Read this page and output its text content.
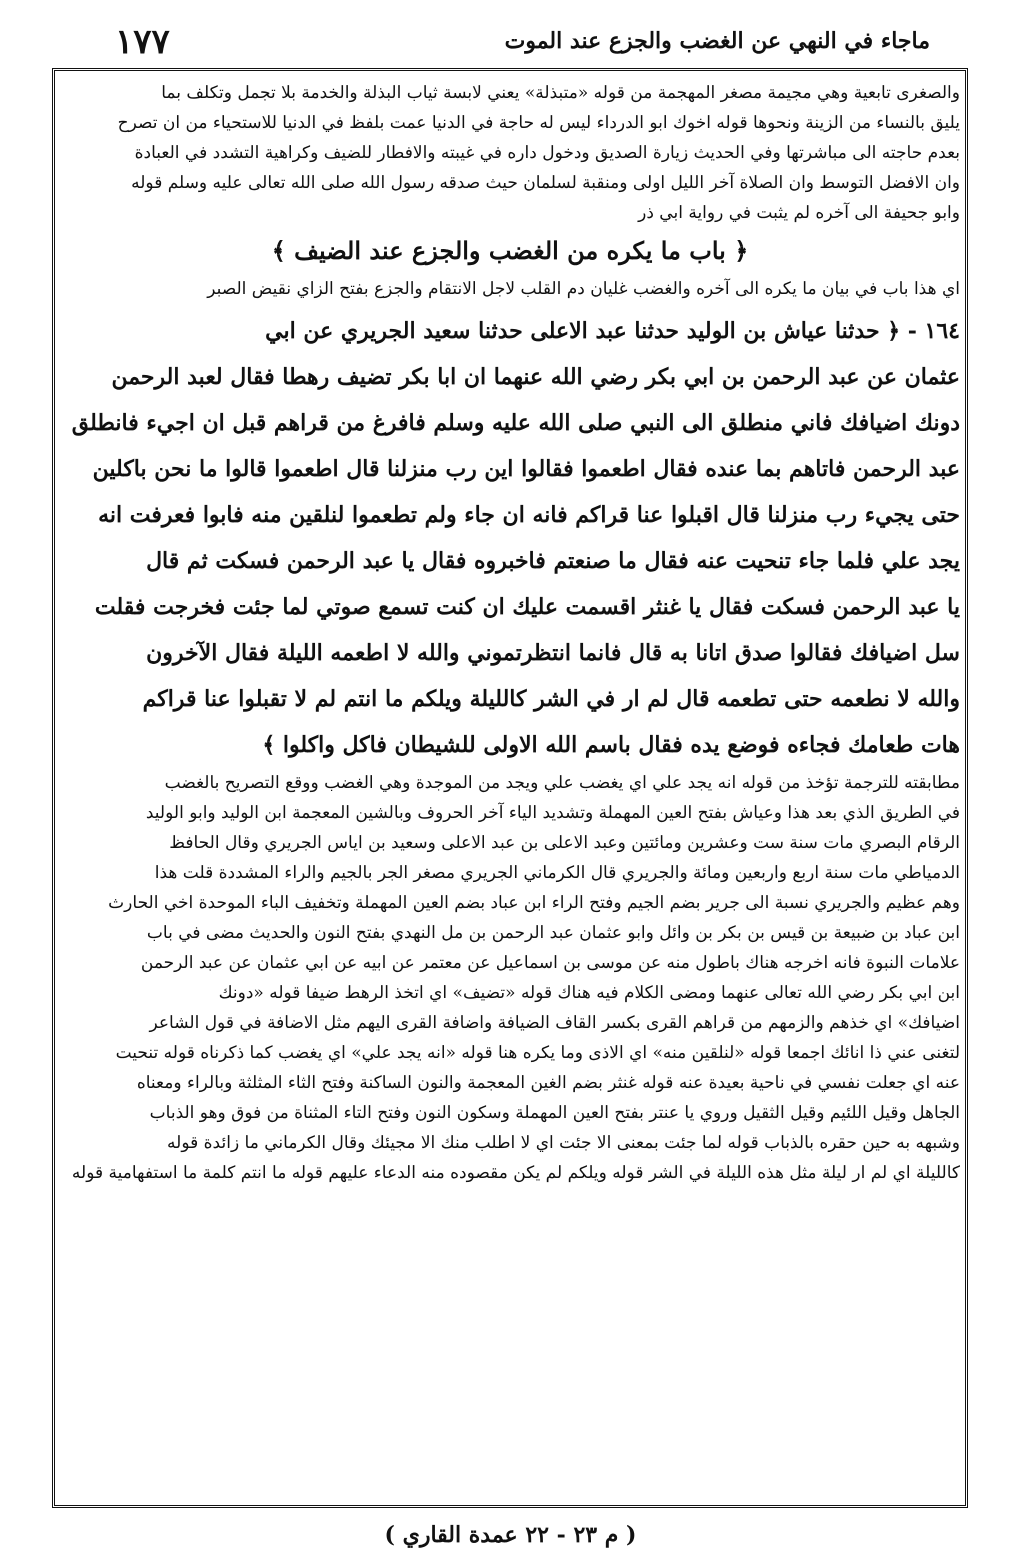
١٧٧	ماجاء في النهي عن الغضب والجزع عند الموت
والصغرى تابعية وهي مجيمة مصغر المهجمة من قوله «متبذلة» يعني لابسة ثياب البذلة والخدمة بلا تجمل وتكلف بما
يليق بالنساء من الزينة ونحوها قوله اخوك ابو الدرداء ليس له حاجة في الدنيا عمت بلفظ في الدنيا للاستحياء من ان تصرح
بعدم حاجته الى مباشرتها وفي الحديث زيارة الصديق ودخول داره في غيبته والافطار للضيف وكراهية التشدد في العبادة
وان الافضل التوسط وان الصلاة آخر الليل اولى ومنقبة لسلمان حيث صدقه رسول الله صلى الله تعالى عليه وسلم قوله
وابو جحيفة الى آخره لم يثبت في رواية ابي ذر
﴿ باب ما يكره من الغضب والجزع عند الضيف ﴾
اي هذا باب في بيان ما يكره الى آخره والغضب غليان دم القلب لاجل الانتقام والجزع بفتح الزاي نقيض الصبر
١٦٤ - ﴿ حدثنا عياش بن الوليد حدثنا عبد الاعلى حدثنا سعيد الجريري عن ابي
عثمان عن عبد الرحمن بن ابي بكر رضي الله عنهما ان ابا بكر تضيف رهطا فقال لعبد الرحمن
دونك اضيافك فاني منطلق الى النبي صلى الله عليه وسلم فافرغ من قراهم قبل ان اجيء فانطلق
عبد الرحمن فاتاهم بما عنده فقال اطعموا فقالوا اين رب منزلنا قال اطعموا قالوا ما نحن باكلين
حتى يجيء رب منزلنا قال اقبلوا عنا قراكم فانه ان جاء ولم تطعموا لنلقين منه فابوا فعرفت انه
يجد علي فلما جاء تنحيت عنه فقال ما صنعتم فاخبروه فقال يا عبد الرحمن فسكت ثم قال
يا عبد الرحمن فسكت فقال يا غنثر اقسمت عليك ان كنت تسمع صوتي لما جئت فخرجت فقلت
سل اضيافك فقالوا صدق اتانا به قال فانما انتظرتموني والله لا اطعمه الليلة فقال الآخرون
والله لا نطعمه حتى تطعمه قال لم ار في الشر كالليلة ويلكم ما انتم لم لا تقبلوا عنا قراكم
هات طعامك فجاءه فوضع يده فقال باسم الله الاولى للشيطان فاكل واكلوا ﴾
مطابقته للترجمة تؤخذ من قوله انه يجد علي اي يغضب علي ويجد من الموجدة وهي الغضب ووقع التصريح بالغضب
في الطريق الذي بعد هذا وعياش بفتح العين المهملة وتشديد الياء آخر الحروف وبالشين المعجمة ابن الوليد وابو الوليد
الرقام البصري مات سنة ست وعشرين ومائتين وعبد الاعلى بن عبد الاعلى وسعيد بن اياس الجريري وقال الحافظ
الدمياطي مات سنة اربع واربعين ومائة والجريري قال الكرماني الجريري مصغر الجر بالجيم والراء المشددة قلت هذا
وهم عظيم والجريري نسبة الى جرير بضم الجيم وفتح الراء ابن عباد بضم العين المهملة وتخفيف الباء الموحدة اخي الحارث
ابن عباد بن ضبيعة بن قيس بن بكر بن وائل وابو عثمان عبد الرحمن بن مل النهدي بفتح النون والحديث مضى في باب
علامات النبوة فانه اخرجه هناك باطول منه عن موسى بن اسماعيل عن معتمر عن ابيه عن ابي عثمان عن عبد الرحمن
ابن ابي بكر رضي الله تعالى عنهما ومضى الكلام فيه هناك قوله «تضيف» اي اتخذ الرهط ضيفا قوله «دونك
اضيافك» اي خذهم والزمهم من قراهم القرى بكسر القاف الضيافة واضافة القرى اليهم مثل الاضافة في قول الشاعر
لتغنى عني ذا انائك اجمعا قوله «لنلقين منه» اي الاذى وما يكره هنا قوله «انه يجد علي» اي يغضب كما ذكرناه قوله تنحيت
عنه اي جعلت نفسي في ناحية بعيدة عنه قوله غنثر بضم الغين المعجمة والنون الساكنة وفتح الثاء المثلثة وبالراء ومعناه
الجاهل وقيل اللئيم وقيل الثقيل وروي يا عنتر بفتح العين المهملة وسكون النون وفتح التاء المثناة من فوق وهو الذباب
وشبهه به حين حقره بالذباب قوله لما جئت بمعنى الا جئت اي لا اطلب منك الا مجيئك وقال الكرماني ما زائدة قوله
كالليلة اي لم ار ليلة مثل هذه الليلة في الشر قوله ويلكم لم يكن مقصوده منه الدعاء عليهم قوله ما انتم كلمة ما استفهامية قوله
( م ٢٣ - ٢٢ عمدة القاري )
